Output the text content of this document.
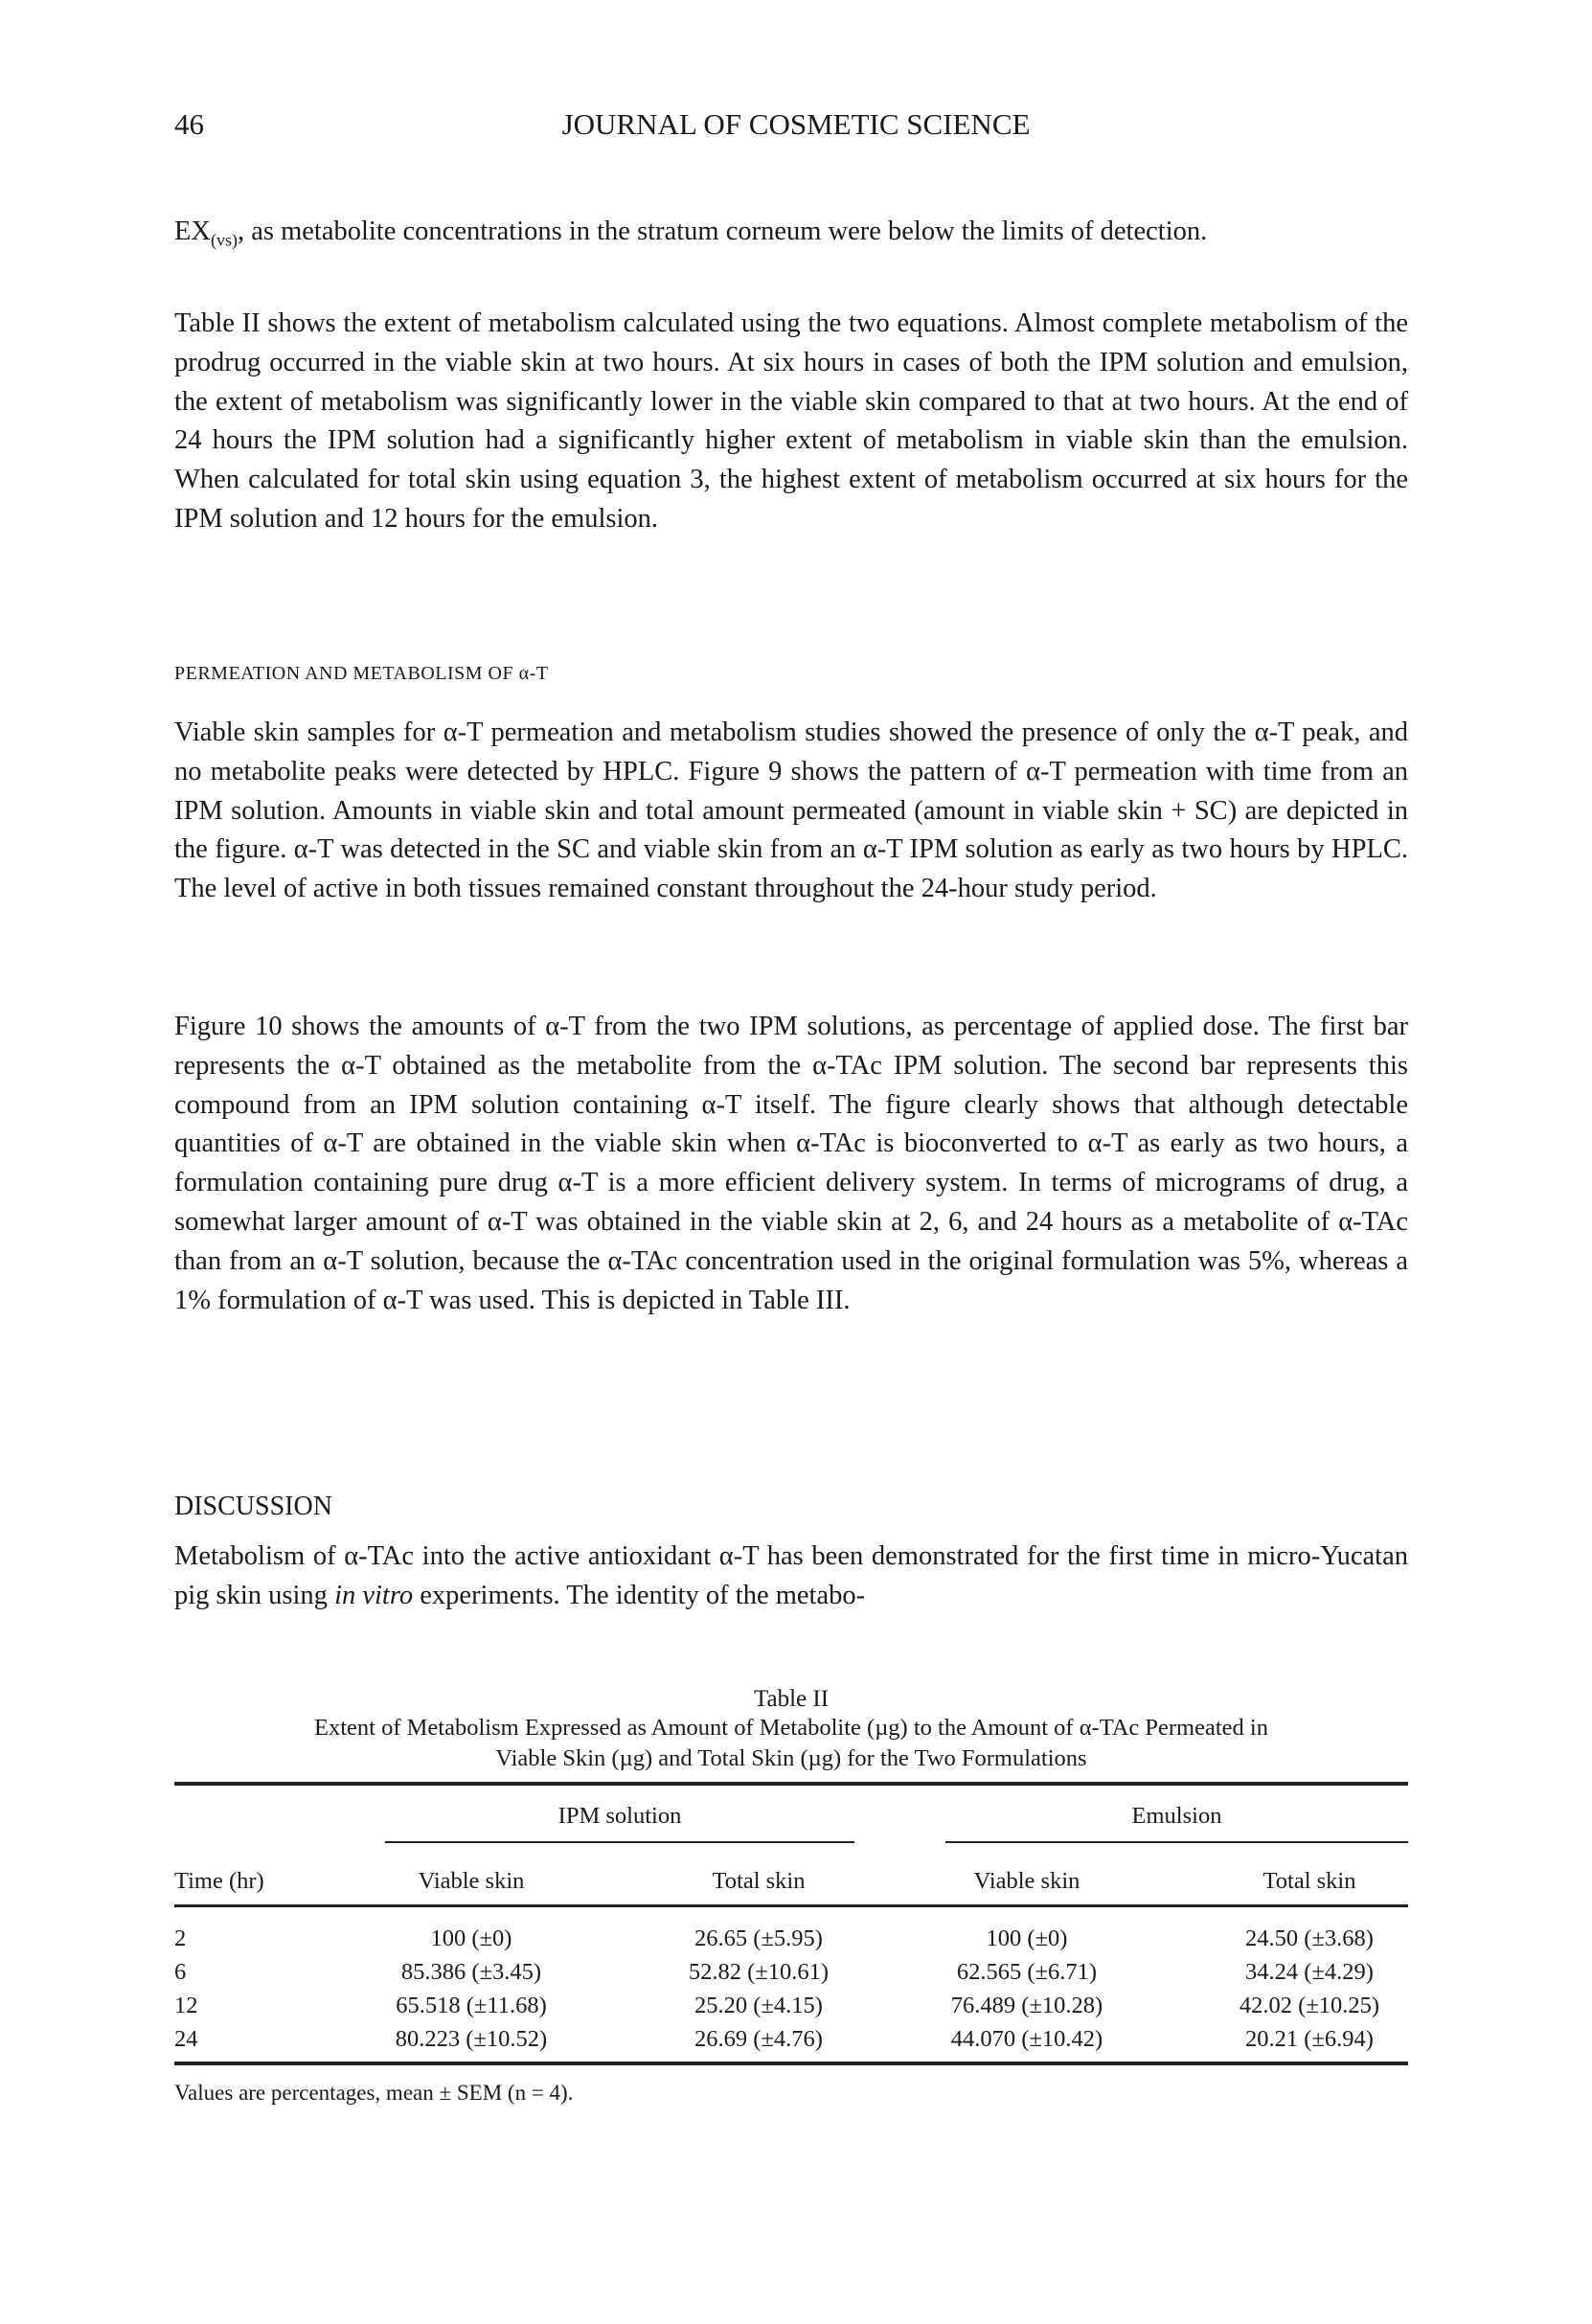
46	JOURNAL OF COSMETIC SCIENCE

$EX_{(vs)}$, as metabolite concentrations in the stratum corneum were below the limits of detection.

Table II shows the extent of metabolism calculated using the two equations. Almost complete metabolism of the prodrug occurred in the viable skin at two hours. At six hours in cases of both the IPM solution and emulsion, the extent of metabolism was significantly lower in the viable skin compared to that at two hours. At the end of 24 hours the IPM solution had a significantly higher extent of metabolism in viable skin than the emulsion. When calculated for total skin using equation 3, the highest extent of metabolism occurred at six hours for the IPM solution and 12 hours for the emulsion.

PERMEATION AND METABOLISM OF α-T

Viable skin samples for α-T permeation and metabolism studies showed the presence of only the α-T peak, and no metabolite peaks were detected by HPLC. Figure 9 shows the pattern of α-T permeation with time from an IPM solution. Amounts in viable skin and total amount permeated (amount in viable skin + SC) are depicted in the figure. α-T was detected in the SC and viable skin from an α-T IPM solution as early as two hours by HPLC. The level of active in both tissues remained constant throughout the 24-hour study period.

Figure 10 shows the amounts of α-T from the two IPM solutions, as percentage of applied dose. The first bar represents the α-T obtained as the metabolite from the α-TAc IPM solution. The second bar represents this compound from an IPM solution containing α-T itself. The figure clearly shows that although detectable quantities of α-T are obtained in the viable skin when α-TAc is bioconverted to α-T as early as two hours, a formulation containing pure drug α-T is a more efficient delivery system. In terms of micrograms of drug, a somewhat larger amount of α-T was obtained in the viable skin at 2, 6, and 24 hours as a metabolite of α-TAc than from an α-T solution, because the α-TAc concentration used in the original formulation was 5%, whereas a 1% formulation of α-T was used. This is depicted in Table III.

DISCUSSION

Metabolism of α-TAc into the active antioxidant α-T has been demonstrated for the first time in micro-Yucatan pig skin using in vitro experiments. The identity of the metabo-

Table II
Extent of Metabolism Expressed as Amount of Metabolite (µg) to the Amount of α-TAc Permeated in
Viable Skin (µg) and Total Skin (µg) for the Two Formulations
IPM solution	Emulsion
Time (hr)	Viable skin	Total skin	Viable skin	Total skin
2	100 (±0)	26.65 (±5.95)	100 (±0)	24.50 (±3.68)
6	85.386 (±3.45)	52.82 (±10.61)	62.565 (±6.71)	34.24 (±4.29)
12	65.518 (±11.68)	25.20 (±4.15)	76.489 (±10.28)	42.02 (±10.25)
24	80.223 (±10.52)	26.69 (±4.76)	44.070 (±10.42)	20.21 (±6.94)
Values are percentages, mean ± SEM (n = 4).
